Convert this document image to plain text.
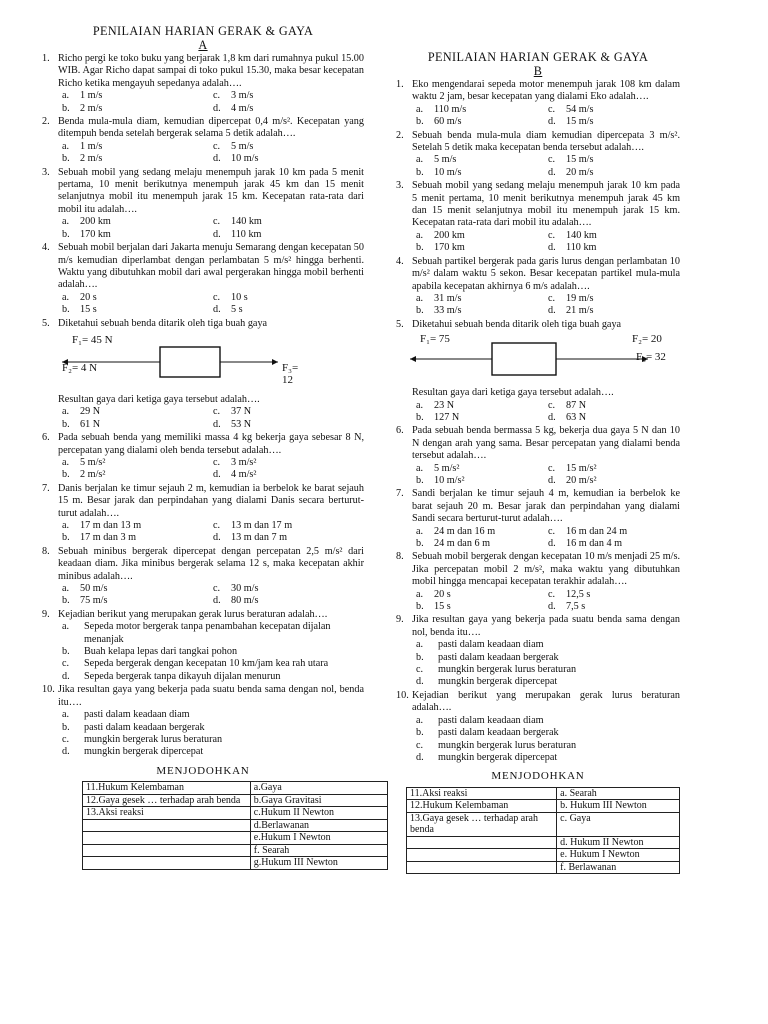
PENILAIAN HARIAN GERAK & GAYA
A
1. Richo pergi ke toko buku yang berjarak 1,8 km dari rumahnya pukul 15.00 WIB. Agar Richo dapat sampai di toko pukul 15.30, maka besar kecepatan Richo ketika mengayuh sepedanya adalah….
a.	1 m/s	c.	3 m/s
b.	2 m/s	d.	4 m/s
2. Benda mula-mula diam, kemudian dipercepat 0,4 m/s². Kecepatan yang ditempuh benda setelah bergerak selama 5 detik adalah….
a.	1 m/s	c.	5 m/s
b.	2 m/s	d.	10 m/s
3. Sebuah mobil yang sedang melaju menempuh jarak 10 km pada 5 menit pertama, 10 menit berikutnya menempuh jarak 45 km dan 15 menit selanjutnya mobil itu menempuh jarak 15 km. Kecepatan rata-rata dari mobil itu adalah….
a.	200 km	c.	140 km
b.	170 km	d.	110 km
4. Sebuah mobil berjalan dari Jakarta menuju Semarang dengan kecepatan 50 m/s kemudian diperlambat dengan perlambatan 5 m/s² hingga berhenti. Waktu yang dibutuhkan mobil dari awal pergerakan hingga mobil berhenti adalah….
a.	20 s	c.	10 s
b.	15 s	d.	5 s
5. Diketahui sebuah benda ditarik oleh tiga buah gaya
F₁= 45 N
F₂= 4 N	F₃= 12
Resultan gaya dari ketiga gaya tersebut adalah….
a.	29 N	c.	37 N
b.	61 N	d.	53 N
6. Pada sebuah benda yang memiliki massa 4 kg bekerja gaya sebesar 8 N, percepatan yang dialami oleh benda tersebut adalah….
a.	5 m/s²	c.	3 m/s²
b.	2 m/s²	d.	4 m/s²
7. Danis berjalan ke timur sejauh 2 m, kemudian ia berbelok ke barat sejauh 15 m. Besar jarak dan perpindahan yang dialami Danis secara berturut-turut adalah….
a.	17 m dan 13 m	c.	13 m dan 17 m
b.	17 m dan 3 m	d.	13 m dan 7 m
8. Sebuah minibus bergerak dipercepat dengan percepatan 2,5 m/s² dari keadaan diam. Jika minibus bergerak selama 12 s, maka kecepatan akhir minibus adalah….
a.	50 m/s	c.	30 m/s
b.	75 m/s	d.	80 m/s
9. Kejadian berikut yang merupakan gerak lurus beraturan adalah….
a.	Sepeda motor bergerak tanpa penambahan kecepatan dijalan menanjak
b.	Buah kelapa lepas dari tangkai pohon
c.	Sepeda bergerak dengan kecepatan 10 km/jam kea rah utara
d.	Sepeda bergerak tanpa dikayuh dijalan menurun
10. Jika resultan gaya yang bekerja pada suatu benda sama dengan nol, benda itu….
a.	pasti dalam keadaan diam
b.	pasti dalam keadaan bergerak
c.	mungkin bergerak lurus beraturan
d.	mungkin bergerak dipercepat
MENJODOHKAN
11.Hukum Kelembaman	a.Gaya
12.Gaya gesek … terhadap arah benda	b.Gaya Gravitasi
13.Aksi reaksi	c.Hukum II Newton
	d.Berlawanan
	e.Hukum I Newton
	f. Searah
	g.Hukum III Newton
PENILAIAN HARIAN GERAK & GAYA
B
1. Eko mengendarai sepeda motor menempuh jarak 108 km dalam waktu 2 jam, besar kecepatan yang dialami Eko adalah….
a.	110 m/s	c.	54 m/s
b.	60 m/s	d.	15 m/s
2. Sebuah benda mula-mula diam kemudian dipercepata 3 m/s². Setelah 5 detik maka kecepatan benda tersebut adalah….
a.	5 m/s	c.	15 m/s
b.	10 m/s	d.	20 m/s
3. Sebuah mobil yang sedang melaju menempuh jarak 10 km pada 5 menit pertama, 10 menit berikutnya menempuh jarak 45 km dan 15 menit selanjutnya mobil itu menempuh jarak 15 km. Kecepatan rata-rata dari mobil itu adalah….
a.	200 km	c.	140 km
b.	170 km	d.	110 km
4. Sebuah partikel bergerak pada garis lurus dengan perlambatan 10 m/s² dalam waktu 5 sekon. Besar kecepatan partikel mula-mula apabila kecepatan akhirnya 6 m/s adalah….
a.	31 m/s	c.	19 m/s
b.	33 m/s	d.	21 m/s
5. Diketahui sebuah benda ditarik oleh tiga buah gaya
F₁= 75	F₂= 20
F₃= 32
Resultan gaya dari ketiga gaya tersebut adalah….
a.	23 N	c.	87 N
b.	127 N	d.	63 N
6. Pada sebuah benda bermassa 5 kg, bekerja dua gaya 5 N dan 10 N dengan arah yang sama. Besar percepatan yang dialami benda tersebut adalah….
a.	5 m/s²	c.	15 m/s²
b.	10 m/s²	d.	20 m/s²
7. Sandi berjalan ke timur sejauh 4 m, kemudian ia berbelok ke barat sejauh 20 m. Besar jarak dan perpindahan yang dialami Sandi secara berturut-turut adalah….
a.	24 m dan 16 m	c.	16 m dan 24 m
b.	24 m dan 6 m	d.	16 m dan 4 m
8. Sebuah mobil bergerak dengan kecepatan 10 m/s menjadi 25 m/s. Jika percepatan mobil 2 m/s², maka waktu yang dibutuhkan mobil hingga mencapai kecepatan terakhir adalah….
a.	20 s	c.	12,5 s
b.	15 s	d.	7,5 s
9. Jika resultan gaya yang bekerja pada suatu benda sama dengan nol, benda itu….
a.	pasti dalam keadaan diam
b.	pasti dalam keadaan bergerak
c.	mungkin bergerak lurus beraturan
d.	mungkin bergerak dipercepat
10. Kejadian berikut yang merupakan gerak lurus beraturan adalah….
a.	pasti dalam keadaan diam
b.	pasti dalam keadaan bergerak
c.	mungkin bergerak lurus beraturan
d.	mungkin bergerak dipercepat
MENJODOHKAN
11.Aksi reaksi	a. Searah
12.Hukum Kelembaman	b. Hukum III Newton
13.Gaya gesek … terhadap arah benda	c. Gaya
	d. Hukum II Newton
	e. Hukum I Newton
	f. Berlawanan
